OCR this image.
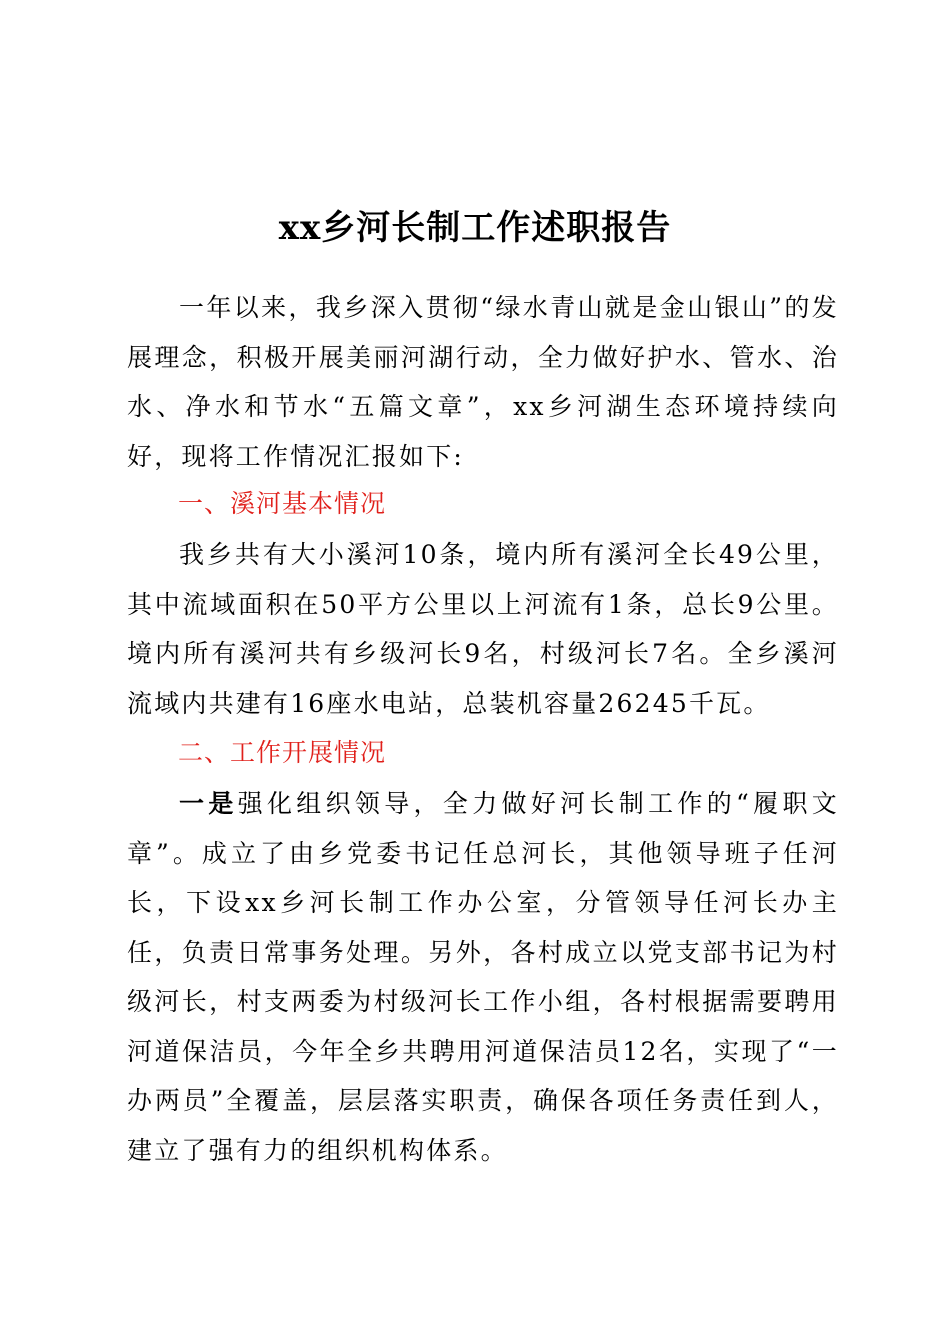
xx乡河长制工作述职报告

一年以来，我乡深入贯彻“绿水青山就是金山银山”的发展理念，积极开展美丽河湖行动，全力做好护水、管水、治水、净水和节水“五篇文章”，xx乡河湖生态环境持续向好，现将工作情况汇报如下:

一、溪河基本情况

我乡共有大小溪河10条，境内所有溪河全长49公里，其中流域面积在50平方公里以上河流有1条，总长9公里。境内所有溪河共有乡级河长9名，村级河长7名。全乡溪河流域内共建有16座水电站，总装机容量26245千瓦。

二、工作开展情况

一是强化组织领导，全力做好河长制工作的“履职文章”。成立了由乡党委书记任总河长，其他领导班子任河长，下设xx乡河长制工作办公室，分管领导任河长办主任，负责日常事务处理。另外，各村成立以党支部书记为村级河长，村支两委为村级河长工作小组，各村根据需要聘用河道保洁员，今年全乡共聘用河道保洁员12名，实现了“一办两员”全覆盖，层层落实职责，确保各项任务责任到人，建立了强有力的组织机构体系。
